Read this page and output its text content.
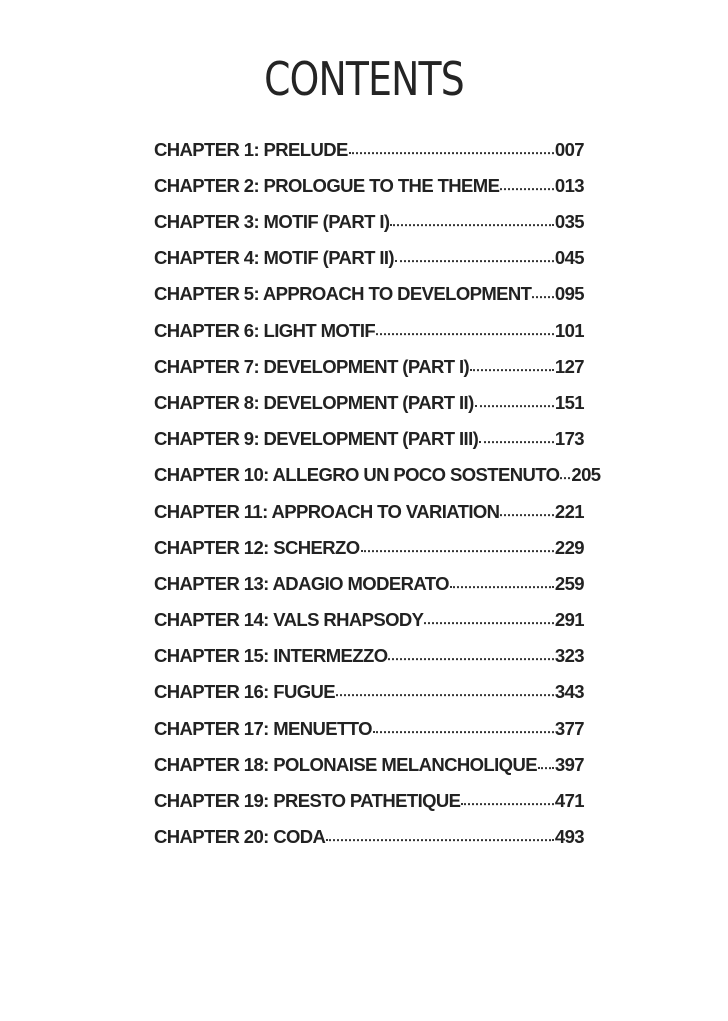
CONTENTS
CHAPTER 1: PRELUDE	007
CHAPTER 2: PROLOGUE TO THE THEME	013
CHAPTER 3: MOTIF (PART I)	035
CHAPTER 4: MOTIF (PART II)	045
CHAPTER 5: APPROACH TO DEVELOPMENT 095
CHAPTER 6: LIGHT MOTIF	101
CHAPTER 7: DEVELOPMENT (PART I)	127
CHAPTER 8: DEVELOPMENT (PART II)	151
CHAPTER 9: DEVELOPMENT (PART III)	173
CHAPTER 10: ALLEGRO UN POCO SOSTENUTO 205
CHAPTER 11: APPROACH TO VARIATION	221
CHAPTER 12: SCHERZO	229
CHAPTER 13: ADAGIO MODERATO	259
CHAPTER 14: VALS RHAPSODY	291
CHAPTER 15: INTERMEZZO	323
CHAPTER 16: FUGUE	343
CHAPTER 17: MENUETTO	377
CHAPTER 18: POLONAISE MELANCHOLIQUE 397
CHAPTER 19: PRESTO PATHETIQUE	471
CHAPTER 20: CODA	493
